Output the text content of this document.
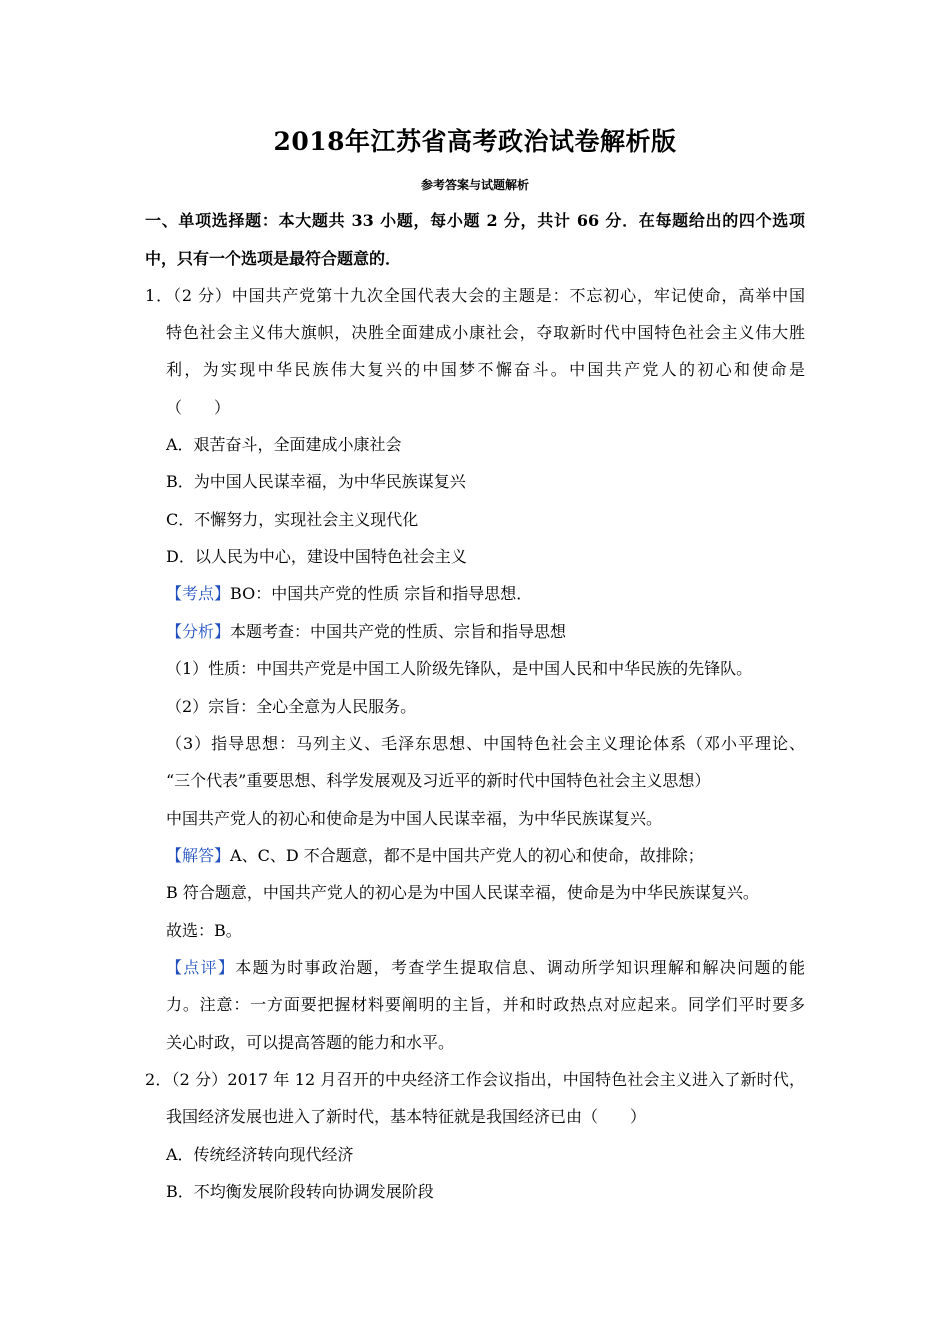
2018年江苏省高考政治试卷解析版
参考答案与试题解析
一、单项选择题：本大题共 33 小题，每小题 2 分，共计 66 分．在每题给出的四个选项
中，只有一个选项是最符合题意的．
1．（2 分）中国共产党第十九次全国代表大会的主题是：不忘初心，牢记使命，高举中国
特色社会主义伟大旗帜，决胜全面建成小康社会，夺取新时代中国特色社会主义伟大胜
利，为实现中华民族伟大复兴的中国梦不懈奋斗。中国共产党人的初心和使命是
（　　）
A．艰苦奋斗，全面建成小康社会
B．为中国人民谋幸福，为中华民族谋复兴
C．不懈努力，实现社会主义现代化
D．以人民为中心，建设中国特色社会主义
【考点】BO：中国共产党的性质 宗旨和指导思想．
【分析】本题考查：中国共产党的性质、宗旨和指导思想
（1）性质：中国共产党是中国工人阶级先锋队，是中国人民和中华民族的先锋队。
（2）宗旨：全心全意为人民服务。
（3）指导思想：马列主义、毛泽东思想、中国特色社会主义理论体系（邓小平理论、
“三个代表”重要思想、科学发展观及习近平的新时代中国特色社会主义思想）
中国共产党人的初心和使命是为中国人民谋幸福，为中华民族谋复兴。
【解答】A、C、D 不合题意，都不是中国共产党人的初心和使命，故排除；
B 符合题意，中国共产党人的初心是为中国人民谋幸福，使命是为中华民族谋复兴。
故选：B。
【点评】本题为时事政治题，考查学生提取信息、调动所学知识理解和解决问题的能
力。注意：一方面要把握材料要阐明的主旨，并和时政热点对应起来。同学们平时要多
关心时政，可以提高答题的能力和水平。
2．（2 分）2017 年 12 月召开的中央经济工作会议指出，中国特色社会主义进入了新时代，
我国经济发展也进入了新时代，基本特征就是我国经济已由（　　）
A．传统经济转向现代经济
B．不均衡发展阶段转向协调发展阶段
